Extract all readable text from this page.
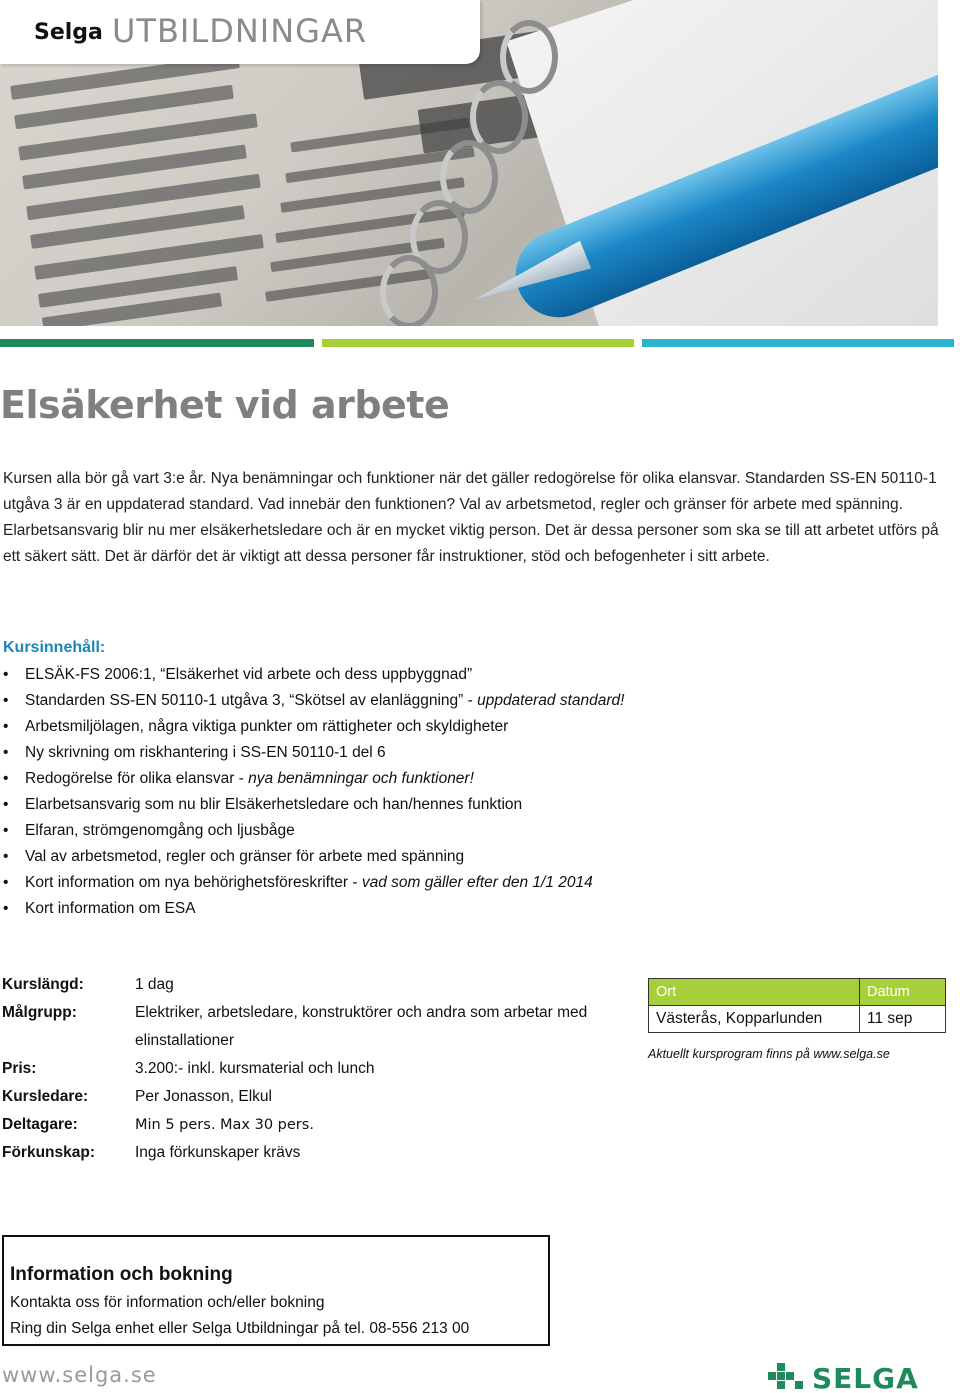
Selga UTBILDNINGAR
Elsäkerhet vid arbete

Kursen alla bör gå vart 3:e år. Nya benämningar och funktioner när det gäller redogörelse för olika elansvar. Standarden SS-EN 50110-1 utgåva 3 är en uppdaterad standard. Vad innebär den funktionen? Val av arbetsmetod, regler och gränser för arbete med spänning. Elarbetsansvarig blir nu mer elsäkerhetsledare och är en mycket viktig person. Det är dessa personer som ska se till att arbetet utförs på ett säkert sätt. Det är därför det är viktigt att dessa personer får instruktioner, stöd och befogenheter i sitt arbete.

Kursinnehåll:
• ELSÄK-FS 2006:1, “Elsäkerhet vid arbete och dess uppbyggnad”
• Standarden SS-EN 50110-1 utgåva 3, “Skötsel av elanläggning” - uppdaterad standard!
• Arbetsmiljölagen, några viktiga punkter om rättigheter och skyldigheter
• Ny skrivning om riskhantering i SS-EN 50110-1 del 6
• Redogörelse för olika elansvar - nya benämningar och funktioner!
• Elarbetsansvarig som nu blir Elsäkerhetsledare och han/hennes funktion
• Elfaran, strömgenomgång och ljusbåge
• Val av arbetsmetod, regler och gränser för arbete med spänning
• Kort information om nya behörighetsföreskrifter - vad som gäller efter den 1/1 2014
• Kort information om ESA
Kurslängd:	1 dag
Målgrupp:	Elektriker, arbetsledare, konstruktörer och andra som arbetar med elinstallationer
Pris:	3.200:- inkl. kursmaterial och lunch
Kursledare:	Per Jonasson, Elkul
Deltagare:	Min 5 pers. Max 30 pers.
Förkunskap:	Inga förkunskaper krävs
Ort	Datum
Västerås, Kopparlunden	11 sep
Aktuellt kursprogram finns på www.selga.se
Information och bokning
Kontakta oss för information och/eller bokning
Ring din Selga enhet eller Selga Utbildningar på tel. 08-556 213 00
www.selga.se	SELGA
